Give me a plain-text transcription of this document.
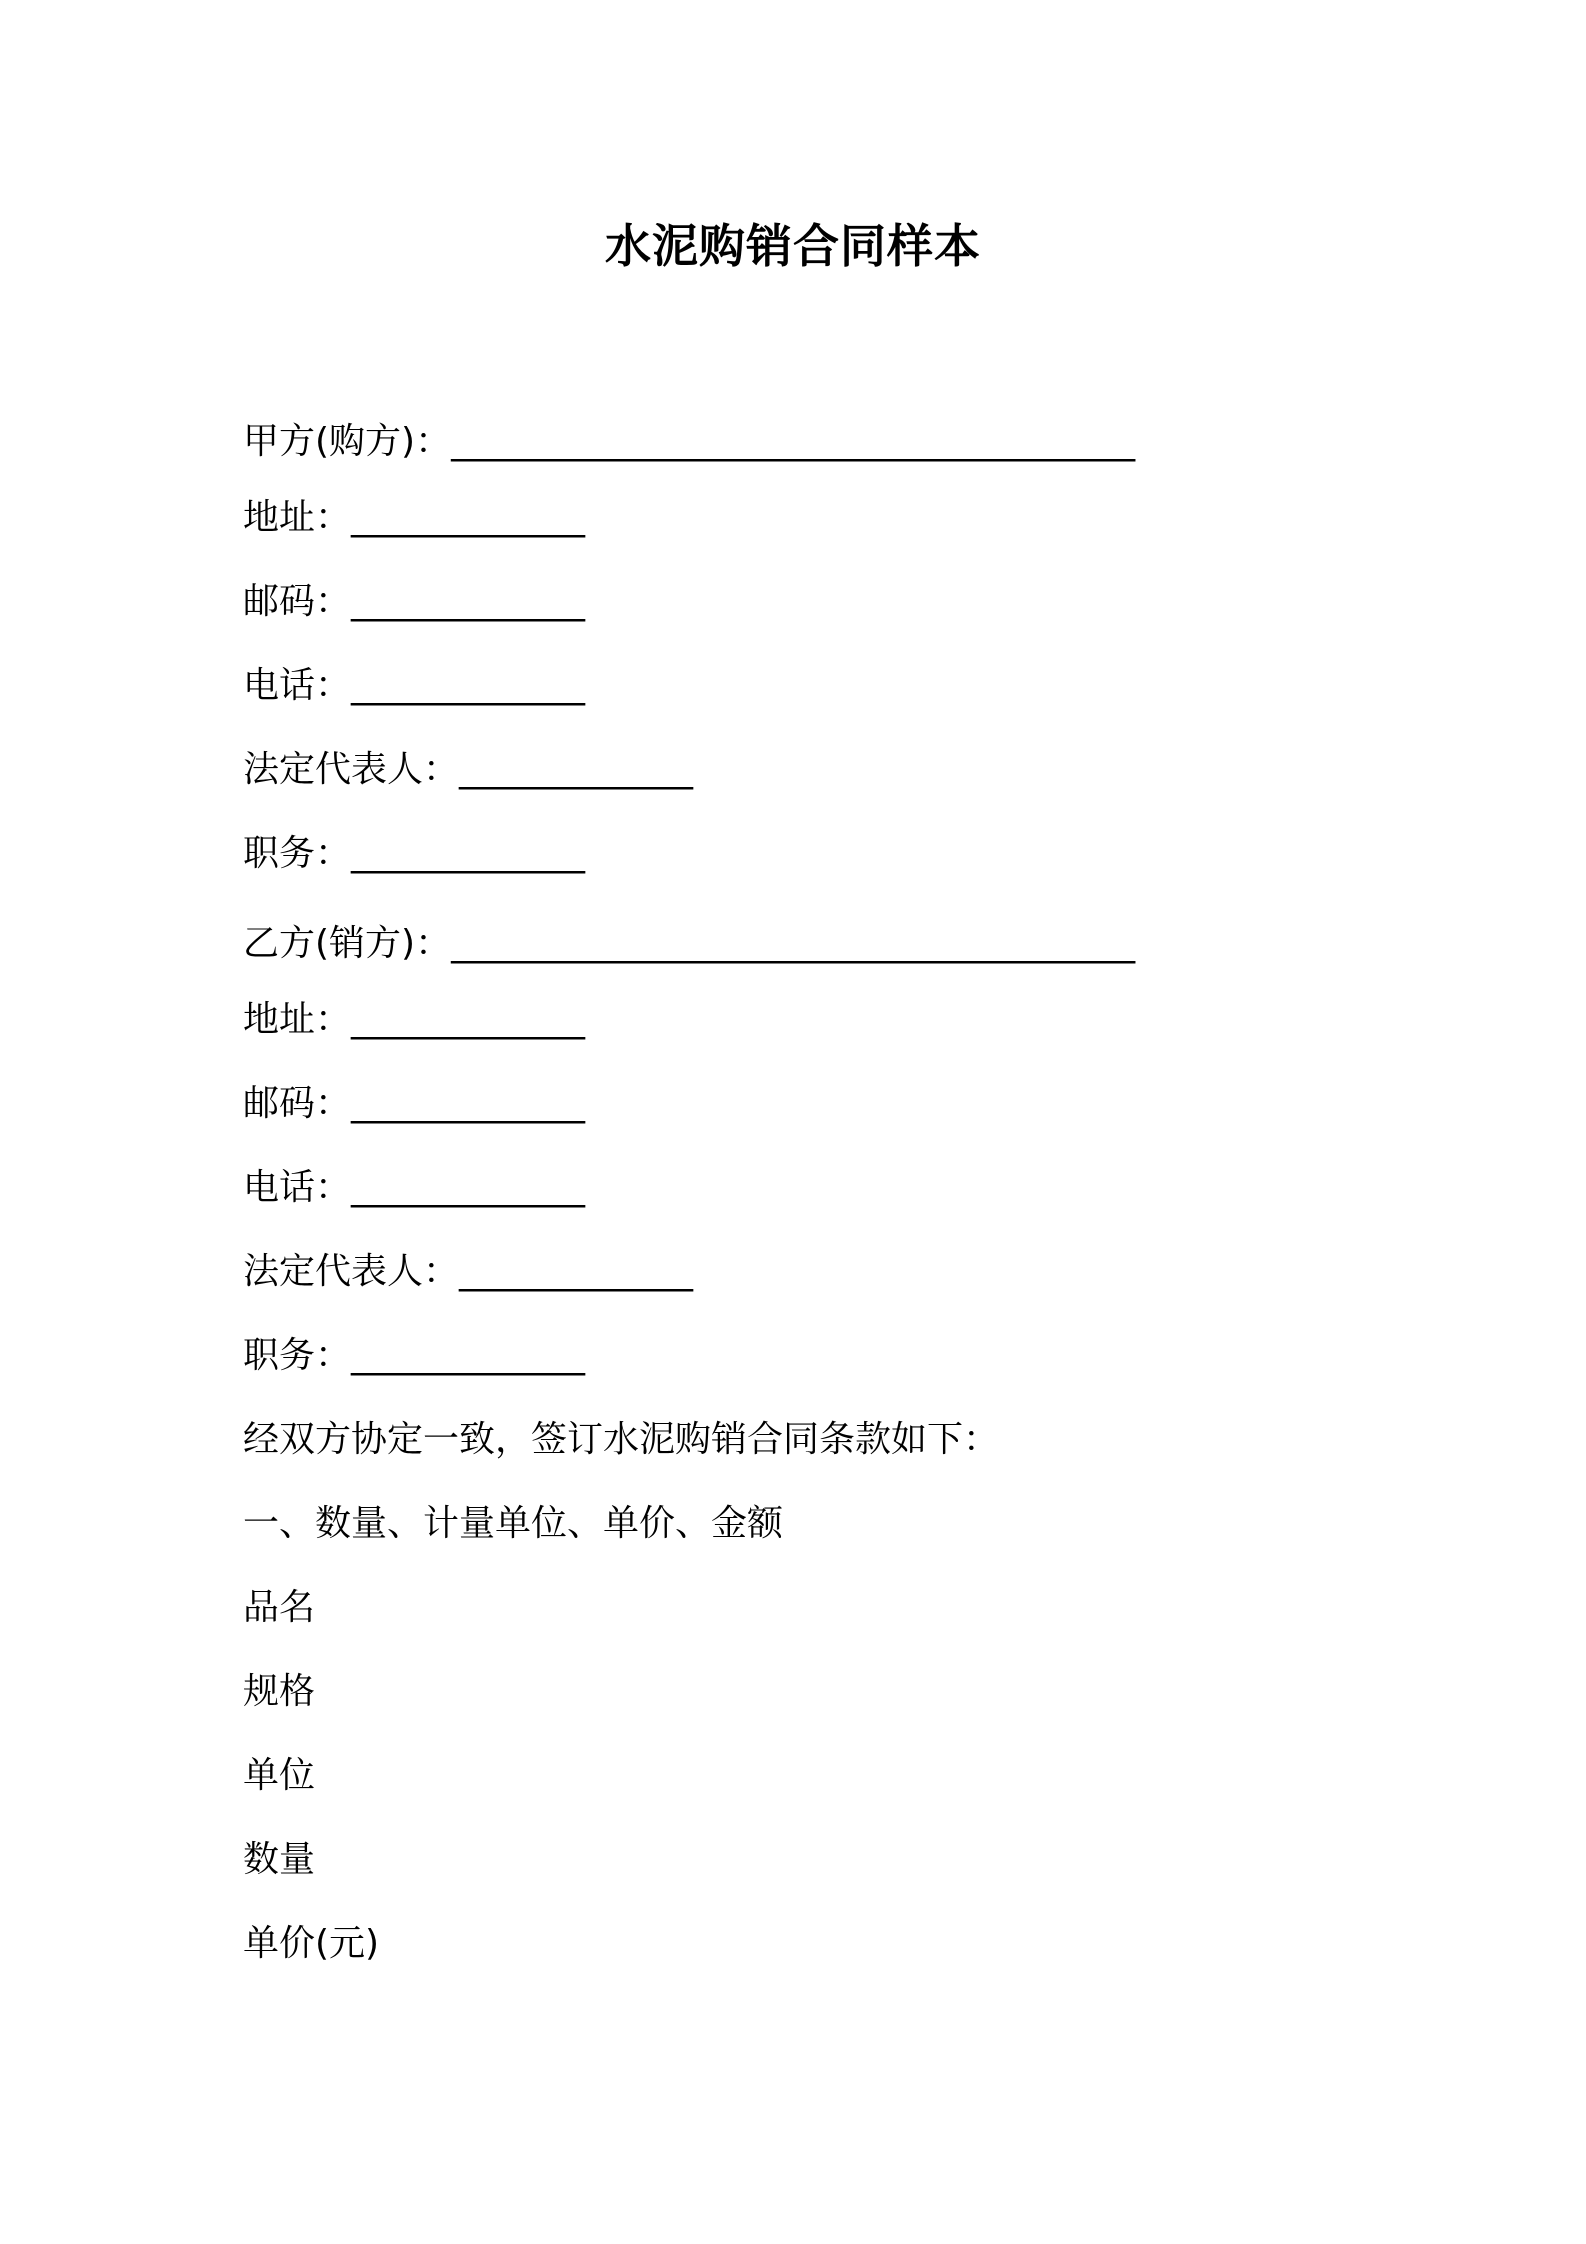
水泥购销合同样本
甲方(购方)：______________________________________
地址：_____________
邮码：_____________
电话：_____________
法定代表人：_____________
职务：_____________
乙方(销方)：______________________________________
地址：_____________
邮码：_____________
电话：_____________
法定代表人：_____________
职务：_____________
经双方协定一致，签订水泥购销合同条款如下：
一、数量、计量单位、单价、金额
品名
规格
单位
数量
单价(元)
